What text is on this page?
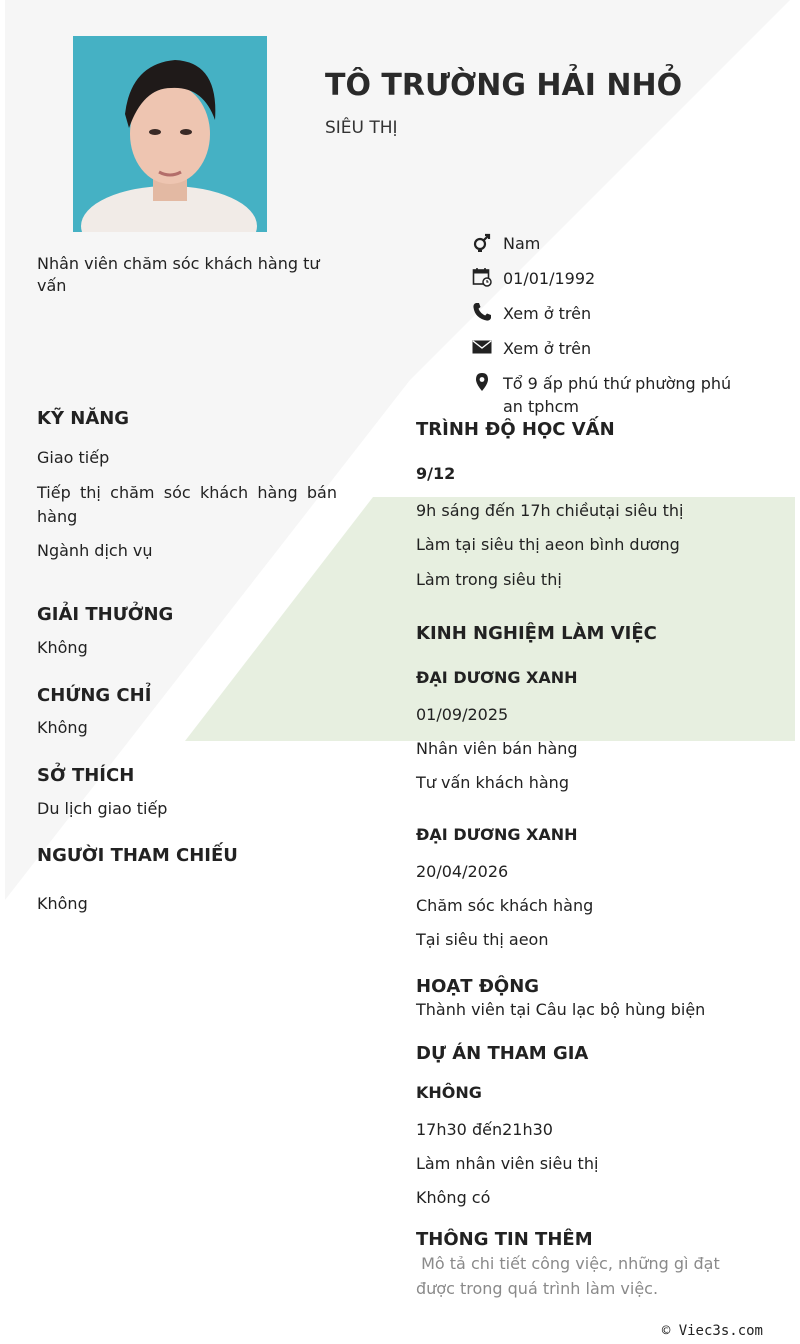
TÔ TRƯỜNG HẢI NHỎ
SIÊU THỊ
Nhân viên chăm sóc khách hàng tư vấn
Nam
01/01/1992
Xem ở trên
Xem ở trên
Tổ 9 ấp phú thứ phường phú an tphcm
KỸ NĂNG

Giao tiếp

Tiếp thị chăm sóc khách hàng bán hàng

Ngành dịch vụ

GIẢI THƯỞNG

Không

CHỨNG CHỈ

Không

SỞ THÍCH

Du lịch giao tiếp

NGƯỜI THAM CHIẾU

Không

TRÌNH ĐỘ HỌC VẤN

9/12

9h sáng đến 17h chiềutại siêu thị

Làm tại siêu thị aeon bình dương

Làm trong siêu thị

KINH NGHIỆM LÀM VIỆC

ĐẠI DƯƠNG XANH

01/09/2025

Nhân viên bán hàng

Tư vấn khách hàng

ĐẠI DƯƠNG XANH

20/04/2026

Chăm sóc khách hàng

Tại siêu thị aeon

HOẠT ĐỘNG

Thành viên tại Câu lạc bộ hùng biện

DỰ ÁN THAM GIA

KHÔNG

17h30 đến21h30

Làm nhân viên siêu thị

Không có

THÔNG TIN THÊM

Mô tả chi tiết công việc, những gì đạt được trong quá trình làm việc.

© Viec3s.com
